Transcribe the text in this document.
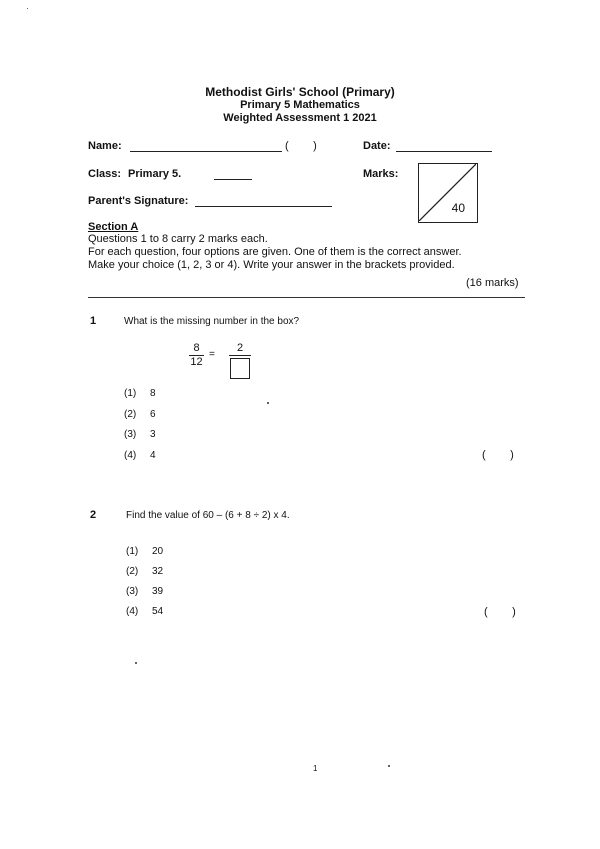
Methodist Girls' School (Primary)
Primary 5 Mathematics
Weighted Assessment 1 2021
Name:	(        )	Date:
Class: Primary 5.	Marks:
40
Parent's Signature:
Section A
Questions 1 to 8 carry 2 marks each.
For each question, four options are given. One of them is the correct answer.
Make your choice (1, 2, 3 or 4). Write your answer in the brackets provided.
(16 marks)
1	What is the missing number in the box?
8
12
=
2
(1) 8
(2) 6
(3) 3
(4) 4	(        )
2	Find the value of 60 – (6 + 8 ÷ 2) x 4.
(1) 20
(2) 32
(3) 39
(4) 54	(        )
1
